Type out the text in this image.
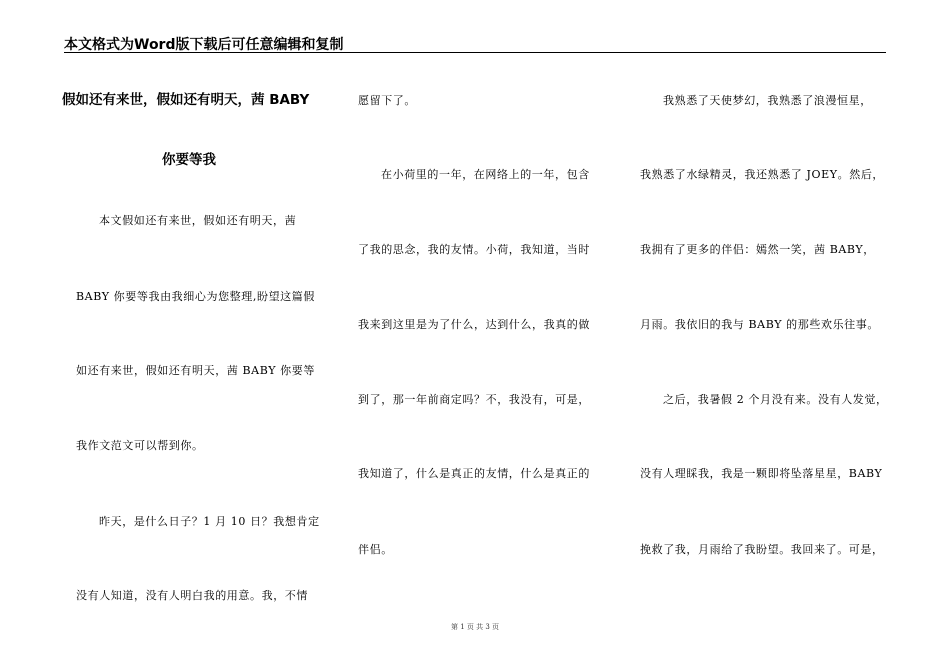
本文格式为Word版下载后可任意编辑和复制
假如还有来世，假如还有明天，茜 BABY
你要等我
本文假如还有来世，假如还有明天，茜
BABY 你要等我由我细心为您整理,盼望这篇假
如还有来世，假如还有明天，茜 BABY 你要等
我作文范文可以帮到你。
昨天，是什么日子？1 月 10 日？我想肯定
没有人知道，没有人明白我的用意。我，不情
愿留下了。
在小荷里的一年，在网络上的一年，包含
了我的思念，我的友情。小荷，我知道，当时
我来到这里是为了什么，达到什么，我真的做
到了，那一年前商定吗？不，我没有，可是，
我知道了，什么是真正的友情，什么是真正的
伴侣。
我熟悉了天使梦幻，我熟悉了浪漫恒星，
我熟悉了水绿精灵，我还熟悉了 JOEY。然后，
我拥有了更多的伴侣：嫣然一笑，茜 BABY，
月雨。我依旧的我与 BABY 的那些欢乐往事。
之后，我暑假 2 个月没有来。没有人发觉，
没有人理睬我，我是一颗即将坠落星星，BABY
挽救了我，月雨给了我盼望。我回来了。可是，
第 1 页 共 3 页
